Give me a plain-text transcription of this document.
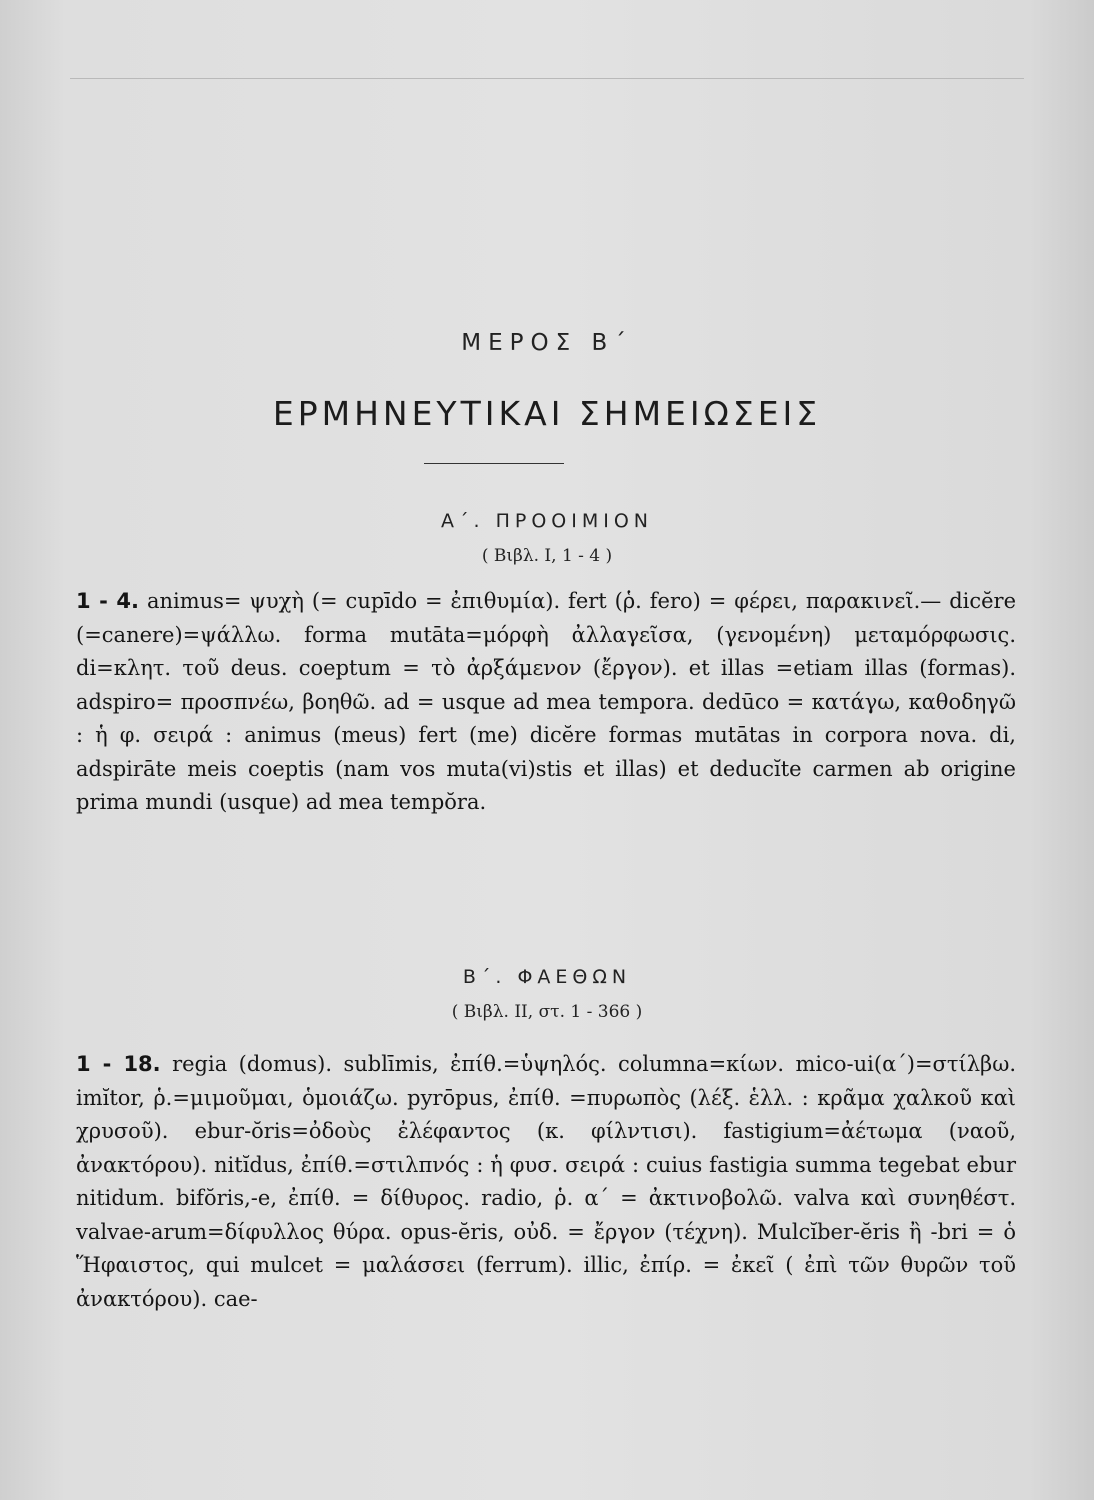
ΜΕΡΟΣ Β΄
ΕΡΜΗΝΕΥΤΙΚΑΙ ΣΗΜΕΙΩΣΕΙΣ
Α΄. ΠΡΟΟΙΜΙΟΝ
( Βιβλ. Ι, 1 - 4 )
1 - 4. animus= ψυχὴ (= cupīdo = ἐπιθυμία). fert (ῥ. fero) = φέρει, παρακινεῖ.— dicĕre (=canere)=ψάλλω. forma mutāta=μόρφὴ ἀλλαγεῖσα, (γενομένη) μεταμόρφωσις. di=κλητ. τοῦ deus. coeptum = τὸ ἀρξάμενον (ἔργον). et illas =etiam illas (formas). adspiro= προσπνέω, βοηθῶ. ad = usque ad mea tempora. dedūco = κατάγω, καθοδηγῶ : ἡ φ. σειρά : animus (meus) fert (me) dicĕre formas mutātas in corpora nova. di, adspirāte meis coeptis (nam vos muta(vi)stis et illas) et deducĭte carmen ab origine prima mundi (usque) ad mea tempŏra.
Β΄. ΦΑΕΘΩΝ
( Βιβλ. ΙΙ, στ. 1 - 366 )
1 - 18. regia (domus). sublīmis, ἐπίθ.=ὑψηλός. columna=κίων. mico-ui(α΄)=στίλβω. imĭtor, ῥ.=μιμοῦμαι, ὁμοιάζω. pyrōpus, ἐπίθ. =πυρωπὸς (λέξ. ἑλλ. : κρᾶμα χαλκοῦ καὶ χρυσοῦ). ebur-ŏris=ὀδοὺς ἐλέφαντος (κ. φίλντισι). fastigium=ἀέτωμα (ναοῦ, ἀνακτόρου). nitĭdus, ἐπίθ.=στιλπνός : ἡ φυσ. σειρά : cuius fastigia summa tegebat ebur nitidum. bifŏris,-e, ἐπίθ. = δίθυρος. radio, ῥ. α΄ = ἀκτινοβολῶ. valva καὶ συνηθέστ. valvae-arum=δίφυλλος θύρα. opus-ĕris, οὐδ. = ἔργον (τέχνη). Mulcĭber-ĕris ἢ -bri = ὁ Ἥφαιστος, qui mulcet = μαλάσσει (ferrum). illic, ἐπίρ. = ἐκεῖ ( ἐπὶ τῶν θυρῶν τοῦ ἀνακτόρου). cae-
